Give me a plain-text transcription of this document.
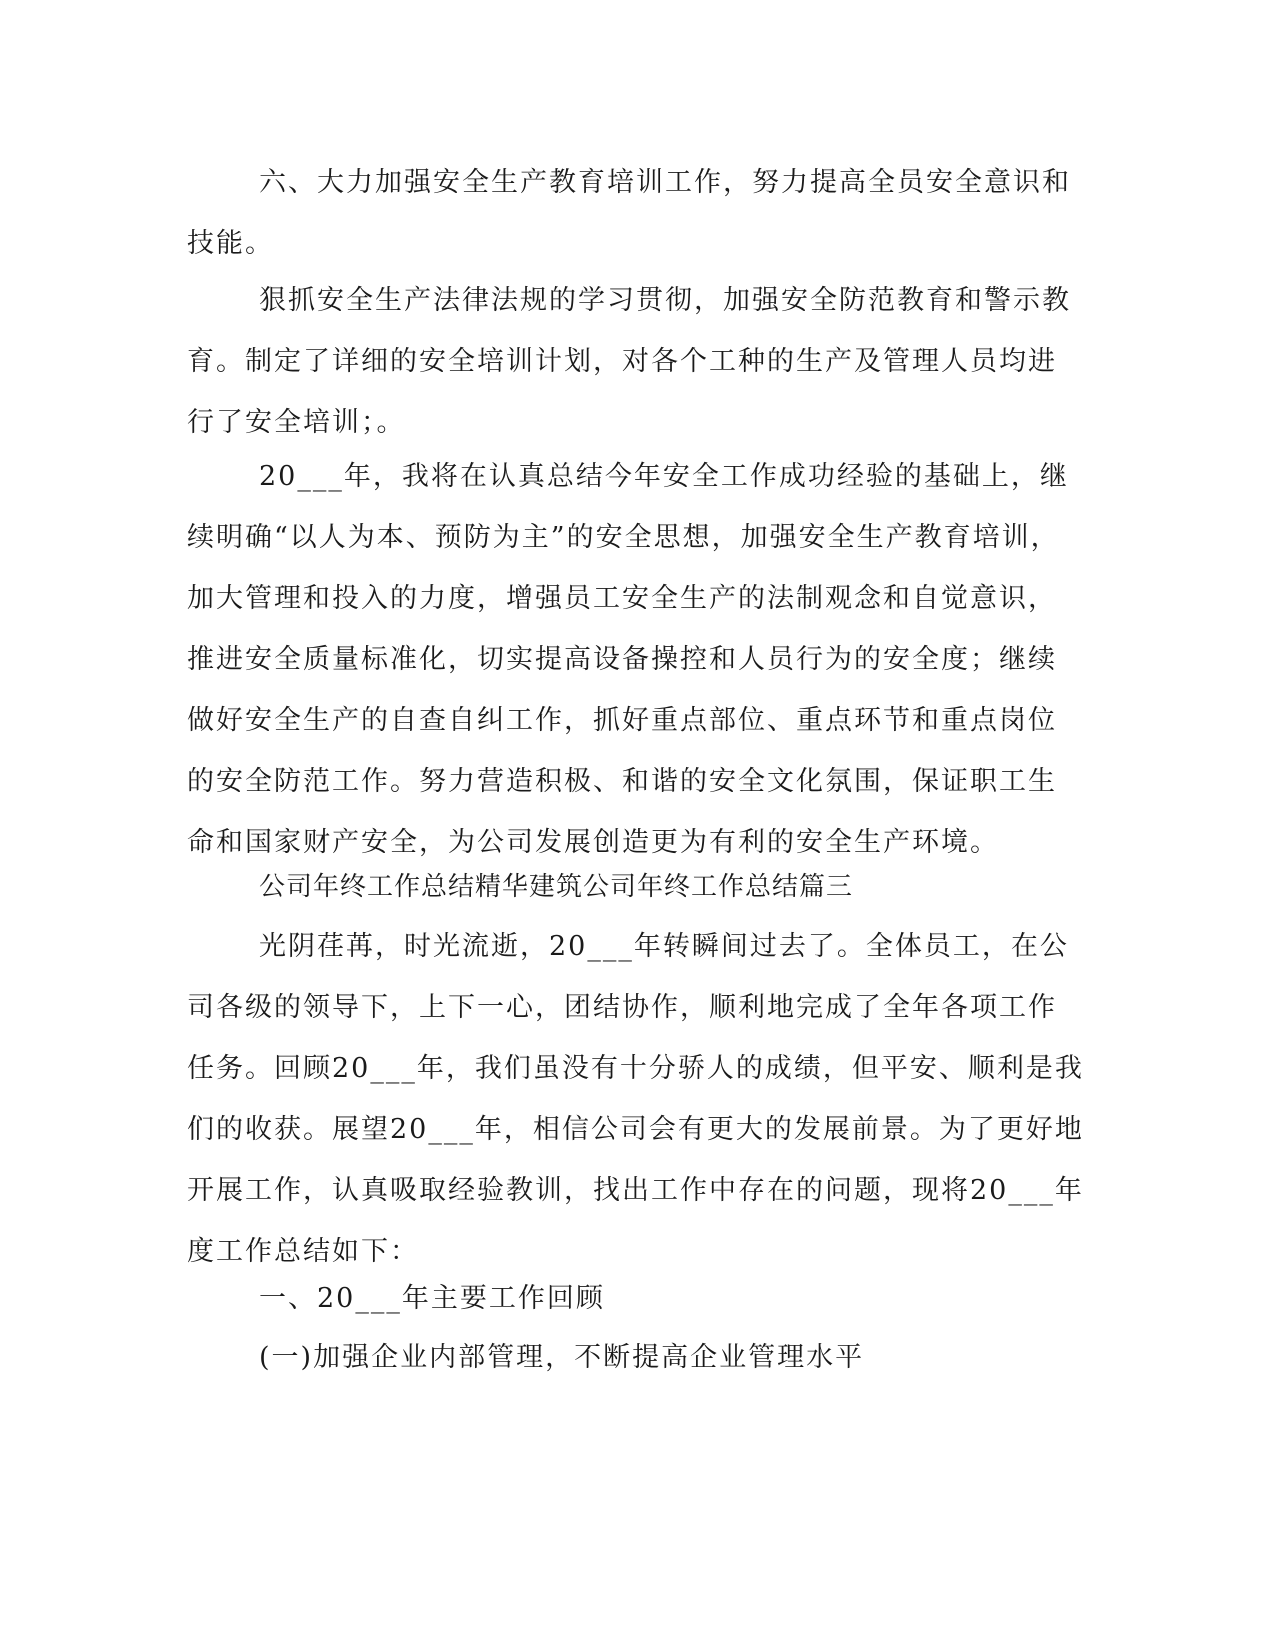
六、大力加强安全生产教育培训工作，努力提高全员安全意识和
技能。
狠抓安全生产法律法规的学习贯彻，加强安全防范教育和警示教
育。制定了详细的安全培训计划，对各个工种的生产及管理人员均进
行了安全培训；。
20___年，我将在认真总结今年安全工作成功经验的基础上，继
续明确“以人为本、预防为主”的安全思想，加强安全生产教育培训，
加大管理和投入的力度，增强员工安全生产的法制观念和自觉意识，
推进安全质量标准化，切实提高设备操控和人员行为的安全度；继续
做好安全生产的自查自纠工作，抓好重点部位、重点环节和重点岗位
的安全防范工作。努力营造积极、和谐的安全文化氛围，保证职工生
命和国家财产安全，为公司发展创造更为有利的安全生产环境。
公司年终工作总结精华建筑公司年终工作总结篇三
光阴荏苒，时光流逝，20___年转瞬间过去了。全体员工，在公
司各级的领导下，上下一心，团结协作，顺利地完成了全年各项工作
任务。回顾20___年，我们虽没有十分骄人的成绩，但平安、顺利是我
们的收获。展望20___年，相信公司会有更大的发展前景。为了更好地
开展工作，认真吸取经验教训，找出工作中存在的问题，现将20___年
度工作总结如下：
一、20___年主要工作回顾
(一)加强企业内部管理，不断提高企业管理水平
